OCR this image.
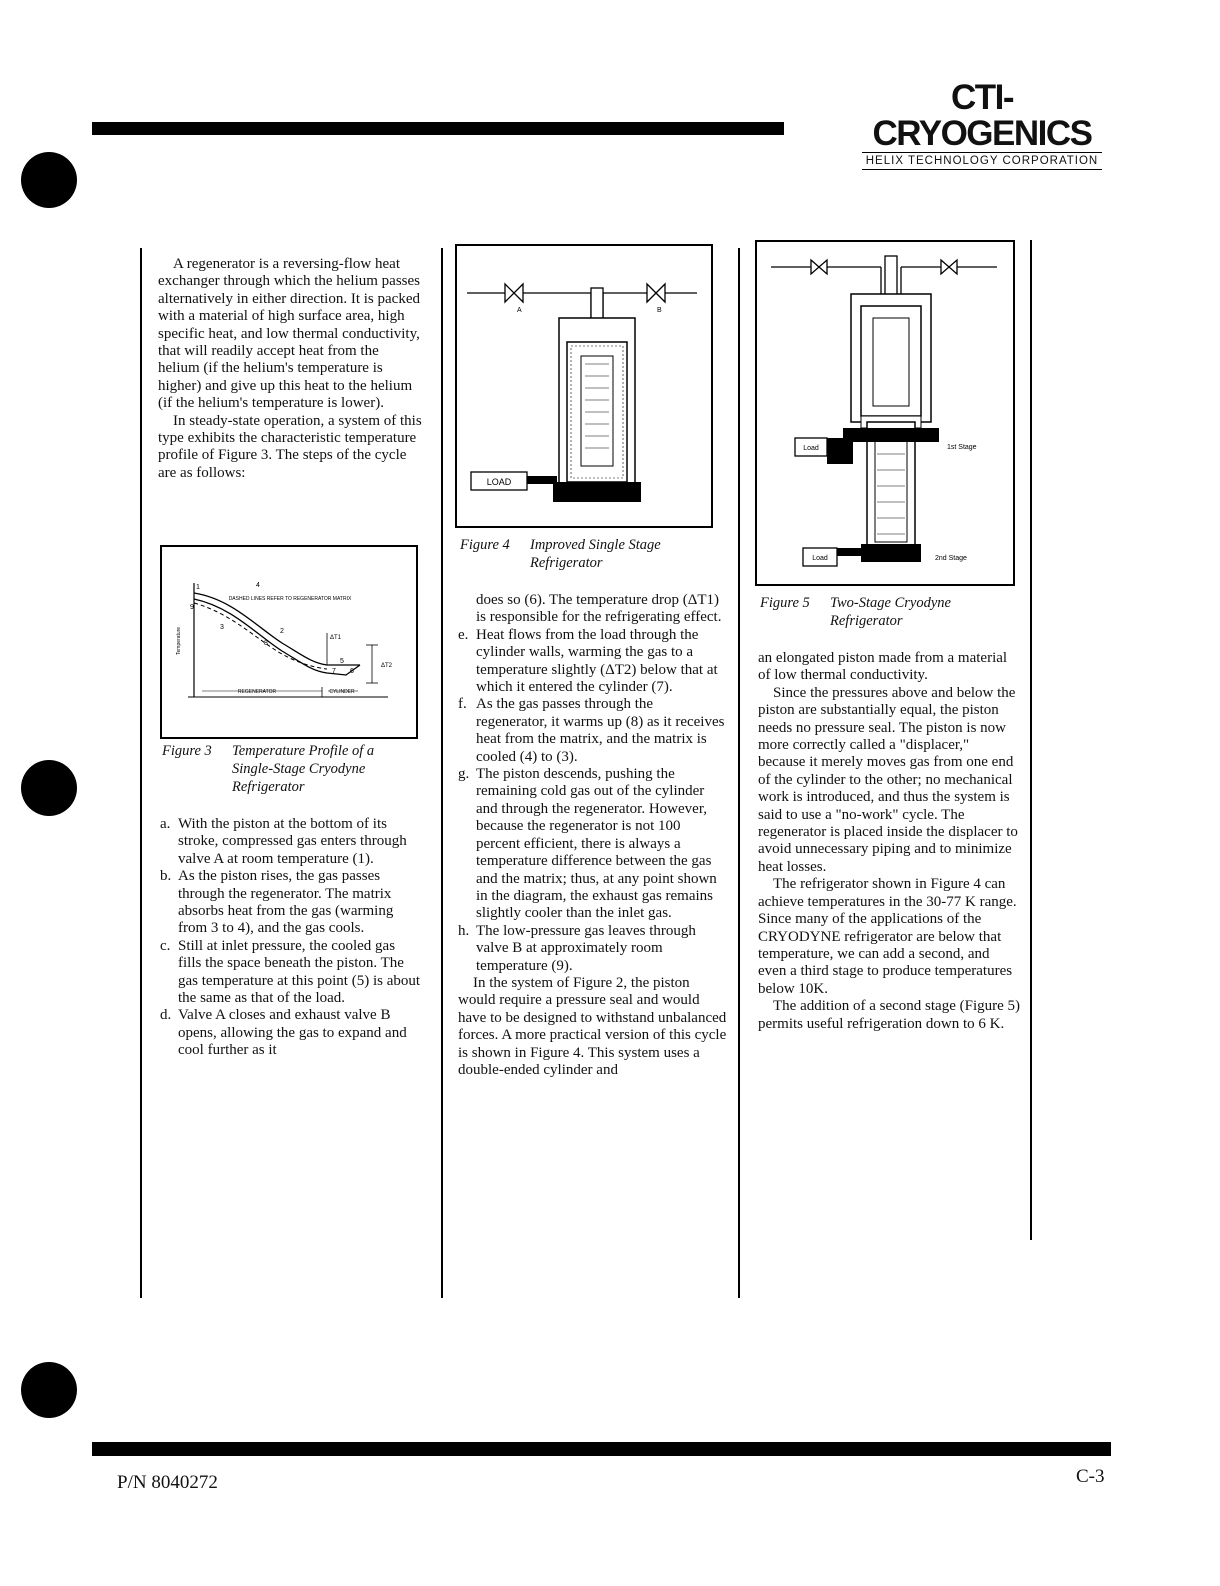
CTI-CRYOGENICS
HELIX TECHNOLOGY CORPORATION

A regenerator is a reversing-flow heat exchanger through which the helium passes alternatively in either direction. It is packed with a material of high surface area, high specific heat, and low thermal conductivity, that will readily accept heat from the helium (if the helium's temperature is higher) and give up this heat to the helium (if the helium's temperature is lower).

In steady-state operation, a system of this type exhibits the characteristic temperature profile of Figure 3. The steps of the cycle are as follows:

DASHED LINES REFER TO REGENERATOR MATRIX
Temperature
REGENERATOR	CYLINDER
ΔT1
ΔT2
1
2
3
4
5
6
7
8
9
Figure 3 Temperature Profile of a
Single-Stage Cryodyne
Refrigerator
a. With the piston at the bottom of its stroke, compressed gas enters through valve A at room temperature (1).
b. As the piston rises, the gas passes through the regenerator. The matrix absorbs heat from the gas (warming from 3 to 4), and the gas cools.
c. Still at inlet pressure, the cooled gas fills the space beneath the piston. The gas temperature at this point (5) is about the same as that of the load.
d. Valve A closes and exhaust valve B opens, allowing the gas to expand and cool further as it
A	B
LOAD
Figure 4 Improved Single Stage
Refrigerator

does so (6). The temperature drop (ΔT1) is responsible for the refrigerating effect.

e. Heat flows from the load through the cylinder walls, warming the gas to a temperature slightly (ΔT2) below that at which it entered the cylinder (7).
f. As the gas passes through the regenerator, it warms up (8) as it receives heat from the matrix, and the matrix is cooled (4) to (3).
g. The piston descends, pushing the remaining cold gas out of the cylinder and through the regenerator. However, because the regenerator is not 100 percent efficient, there is always a temperature difference between the gas and the matrix; thus, at any point shown in the diagram, the exhaust gas remains slightly cooler than the inlet gas.
h. The low-pressure gas leaves through valve B at approximately room temperature (9).

In the system of Figure 2, the piston would require a pressure seal and would have to be designed to withstand unbalanced forces. A more practical version of this cycle is shown in Figure 4. This system uses a double-ended cylinder and

Load
Load
1st Stage
2nd Stage
Figure 5 Two-Stage Cryodyne
Refrigerator

an elongated piston made from a material of low thermal conductivity.

Since the pressures above and below the piston are substantially equal, the piston needs no pressure seal. The piston is now more correctly called a "displacer," because it merely moves gas from one end of the cylinder to the other; no mechanical work is introduced, and thus the system is said to use a "no-work" cycle. The regenerator is placed inside the displacer to avoid unnecessary piping and to minimize heat losses.

The refrigerator shown in Figure 4 can achieve temperatures in the 30-77 K range. Since many of the applications of the CRYODYNE refrigerator are below that temperature, we can add a second, and even a third stage to produce temperatures below 10K.

The addition of a second stage (Figure 5) permits useful refrigeration down to 6 K.

P/N 8040272	C-3
